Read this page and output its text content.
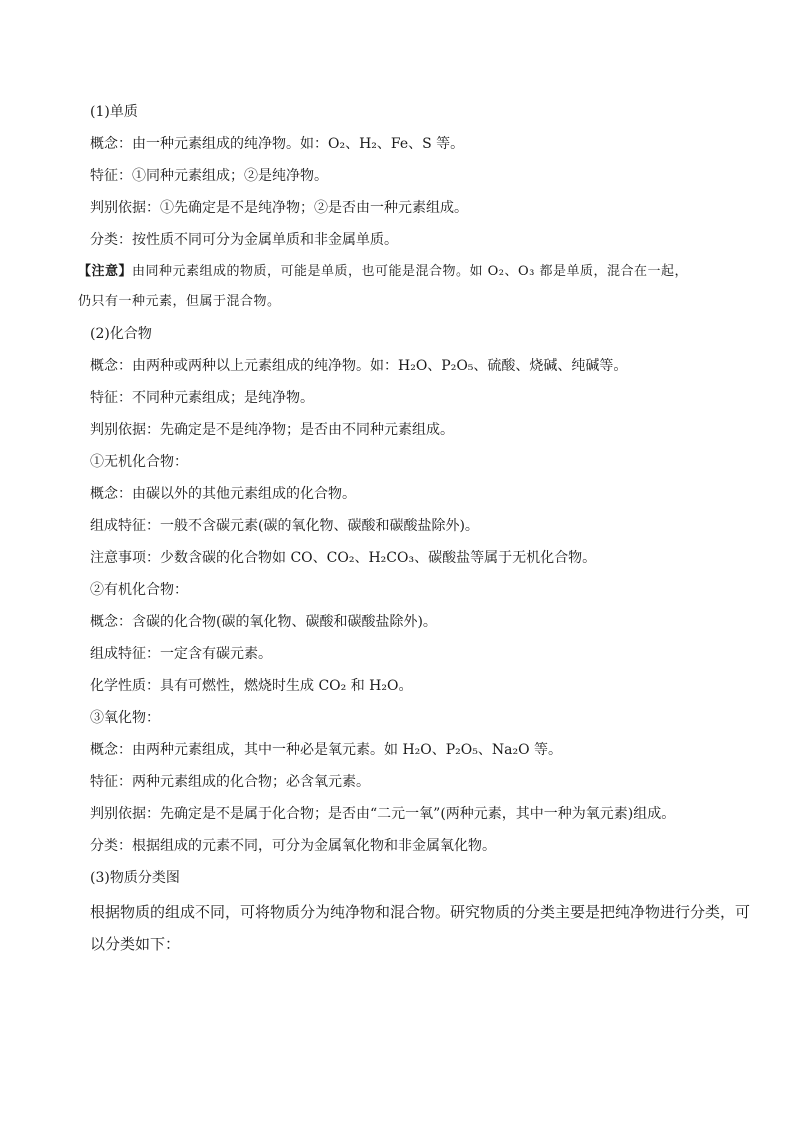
(1)单质
概念：由一种元素组成的纯净物。如：O₂、H₂、Fe、S 等。
特征：①同种元素组成；②是纯净物。
判别依据：①先确定是不是纯净物；②是否由一种元素组成。
分类：按性质不同可分为金属单质和非金属单质。
【注意】由同种元素组成的物质，可能是单质，也可能是混合物。如 O₂、O₃ 都是单质，混合在一起，
仍只有一种元素，但属于混合物。
(2)化合物
概念：由两种或两种以上元素组成的纯净物。如：H₂O、P₂O₅、硫酸、烧碱、纯碱等。
特征：不同种元素组成；是纯净物。
判别依据：先确定是不是纯净物；是否由不同种元素组成。
①无机化合物：
概念：由碳以外的其他元素组成的化合物。
组成特征：一般不含碳元素(碳的氧化物、碳酸和碳酸盐除外)。
注意事项：少数含碳的化合物如 CO、CO₂、H₂CO₃、碳酸盐等属于无机化合物。
②有机化合物：
概念：含碳的化合物(碳的氧化物、碳酸和碳酸盐除外)。
组成特征：一定含有碳元素。
化学性质：具有可燃性，燃烧时生成 CO₂ 和 H₂O。
③氧化物：
概念：由两种元素组成，其中一种必是氧元素。如 H₂O、P₂O₅、Na₂O 等。
特征：两种元素组成的化合物；必含氧元素。
判别依据：先确定是不是属于化合物；是否由“二元一氧”(两种元素，其中一种为氧元素)组成。
分类：根据组成的元素不同，可分为金属氧化物和非金属氧化物。
(3)物质分类图
根据物质的组成不同，可将物质分为纯净物和混合物。研究物质的分类主要是把纯净物进行分类，可
以分类如下：
